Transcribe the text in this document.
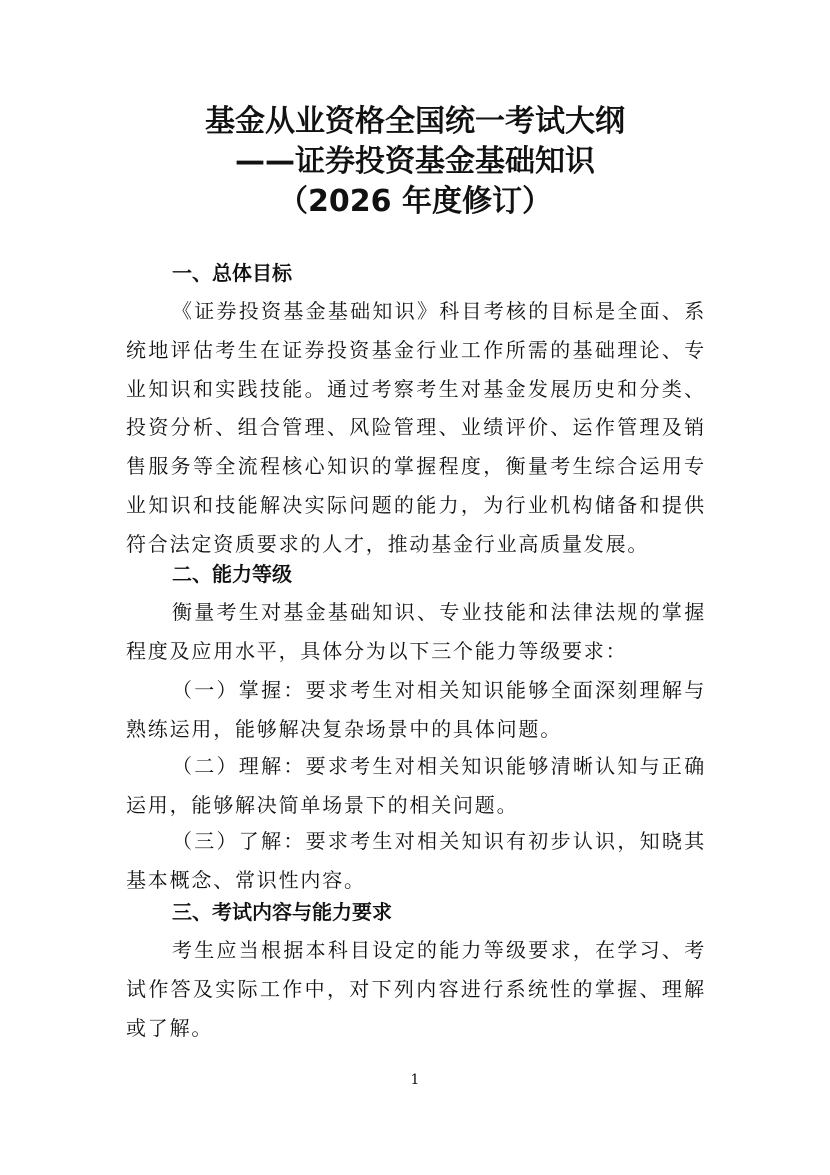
基金从业资格全国统一考试大纲
——证券投资基金基础知识
（2026 年度修订）
一、总体目标

《证券投资基金基础知识》科目考核的目标是全面、系统地评估考生在证券投资基金行业工作所需的基础理论、专业知识和实践技能。通过考察考生对基金发展历史和分类、投资分析、组合管理、风险管理、业绩评价、运作管理及销售服务等全流程核心知识的掌握程度，衡量考生综合运用专业知识和技能解决实际问题的能力，为行业机构储备和提供符合法定资质要求的人才，推动基金行业高质量发展。

二、能力等级

衡量考生对基金基础知识、专业技能和法律法规的掌握程度及应用水平，具体分为以下三个能力等级要求：

（一）掌握：要求考生对相关知识能够全面深刻理解与熟练运用，能够解决复杂场景中的具体问题。

（二）理解：要求考生对相关知识能够清晰认知与正确运用，能够解决简单场景下的相关问题。

（三）了解：要求考生对相关知识有初步认识，知晓其基本概念、常识性内容。

三、考试内容与能力要求

考生应当根据本科目设定的能力等级要求，在学习、考试作答及实际工作中，对下列内容进行系统性的掌握、理解或了解。

1
